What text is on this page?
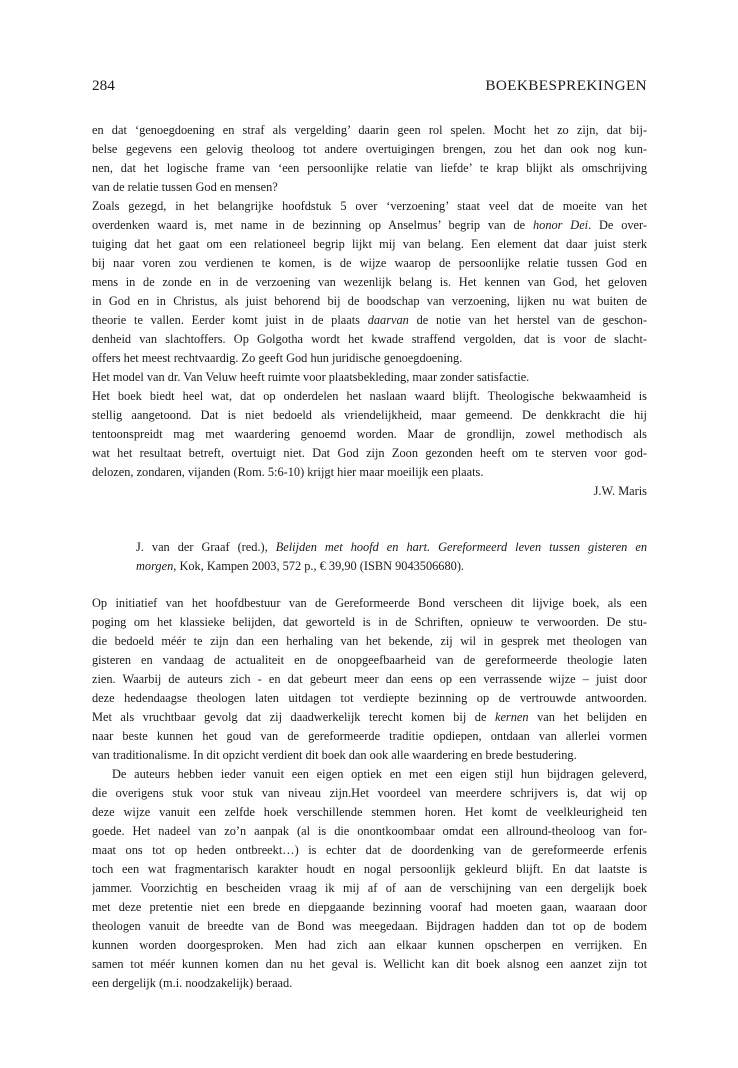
284	BOEKBESPREKINGEN
en dat ‘genoegdoening en straf als vergelding’ daarin geen rol spelen. Mocht het zo zijn, dat bij-
belse gegevens een gelovig theoloog tot andere overtuigingen brengen, zou het dan ook nog kun-
nen, dat het logische frame van ‘een persoonlijke relatie van liefde’ te krap blijkt als omschrijving
van de relatie tussen God en mensen?
Zoals gezegd, in het belangrijke hoofdstuk 5 over ‘verzoening’ staat veel dat de moeite van het
overdenken waard is, met name in de bezinning op Anselmus’ begrip van de honor Dei. De over-
tuiging dat het gaat om een relationeel begrip lijkt mij van belang. Een element dat daar juist sterk
bij naar voren zou verdienen te komen, is de wijze waarop de persoonlijke relatie tussen God en
mens in de zonde en in de verzoening van wezenlijk belang is. Het kennen van God, het geloven
in God en in Christus, als juist behorend bij de boodschap van verzoening, lijken nu wat buiten de
theorie te vallen. Eerder komt juist in de plaats daarvan de notie van het herstel van de geschon-
denheid van slachtoffers. Op Golgotha wordt het kwade straffend vergolden, dat is voor de slacht-
offers het meest rechtvaardig. Zo geeft God hun juridische genoegdoening.
Het model van dr. Van Veluw heeft ruimte voor plaatsbekleding, maar zonder satisfactie.
Het boek biedt heel wat, dat op onderdelen het naslaan waard blijft. Theologische bekwaamheid is
stellig aangetoond. Dat is niet bedoeld als vriendelijkheid, maar gemeend. De denkkracht die hij
tentoonspreidt mag met waardering genoemd worden. Maar de grondlijn, zowel methodisch als
wat het resultaat betreft, overtuigt niet. Dat God zijn Zoon gezonden heeft om te sterven voor god-
delozen, zondaren, vijanden (Rom. 5:6-10) krijgt hier maar moeilijk een plaats.
J.W. Maris
J. van der Graaf (red.), Belijden met hoofd en hart. Gereformeerd leven tussen gisteren en
morgen, Kok, Kampen 2003, 572 p., € 39,90 (ISBN 9043506680).
Op initiatief van het hoofdbestuur van de Gereformeerde Bond verscheen dit lijvige boek, als een
poging om het klassieke belijden, dat geworteld is in de Schriften, opnieuw te verwoorden. De stu-
die bedoeld méér te zijn dan een herhaling van het bekende, zij wil in gesprek met theologen van
gisteren en vandaag de actualiteit en de onopgeefbaarheid van de gereformeerde theologie laten
zien. Waarbij de auteurs zich - en dat gebeurt meer dan eens op een verrassende wijze – juist door
deze hedendaagse theologen laten uitdagen tot verdiepte bezinning op de vertrouwde antwoorden.
Met als vruchtbaar gevolg dat zij daadwerkelijk terecht komen bij de kernen van het belijden en
naar beste kunnen het goud van de gereformeerde traditie opdiepen, ontdaan van allerlei vormen
van traditionalisme. In dit opzicht verdient dit boek dan ook alle waardering en brede bestudering.
De auteurs hebben ieder vanuit een eigen optiek en met een eigen stijl hun bijdragen geleverd,
die overigens stuk voor stuk van niveau zijn.Het voordeel van meerdere schrijvers is, dat wij op
deze wijze vanuit een zelfde hoek verschillende stemmen horen. Het komt de veelkleurigheid ten
goede. Het nadeel van zo’n aanpak (al is die onontkoombaar omdat een allround-theoloog van for-
maat ons tot op heden ontbreekt…) is echter dat de doordenking van de gereformeerde erfenis
toch een wat fragmentarisch karakter houdt en nogal persoonlijk gekleurd blijft. En dat laatste is
jammer. Voorzichtig en bescheiden vraag ik mij af of aan de verschijning van een dergelijk boek
met deze pretentie niet een brede en diepgaande bezinning vooraf had moeten gaan, waaraan door
theologen vanuit de breedte van de Bond was meegedaan. Bijdragen hadden dan tot op de bodem
kunnen worden doorgesproken. Men had zich aan elkaar kunnen opscherpen en verrijken. En
samen tot méér kunnen komen dan nu het geval is. Wellicht kan dit boek alsnog een aanzet zijn tot
een dergelijk (m.i. noodzakelijk) beraad.
